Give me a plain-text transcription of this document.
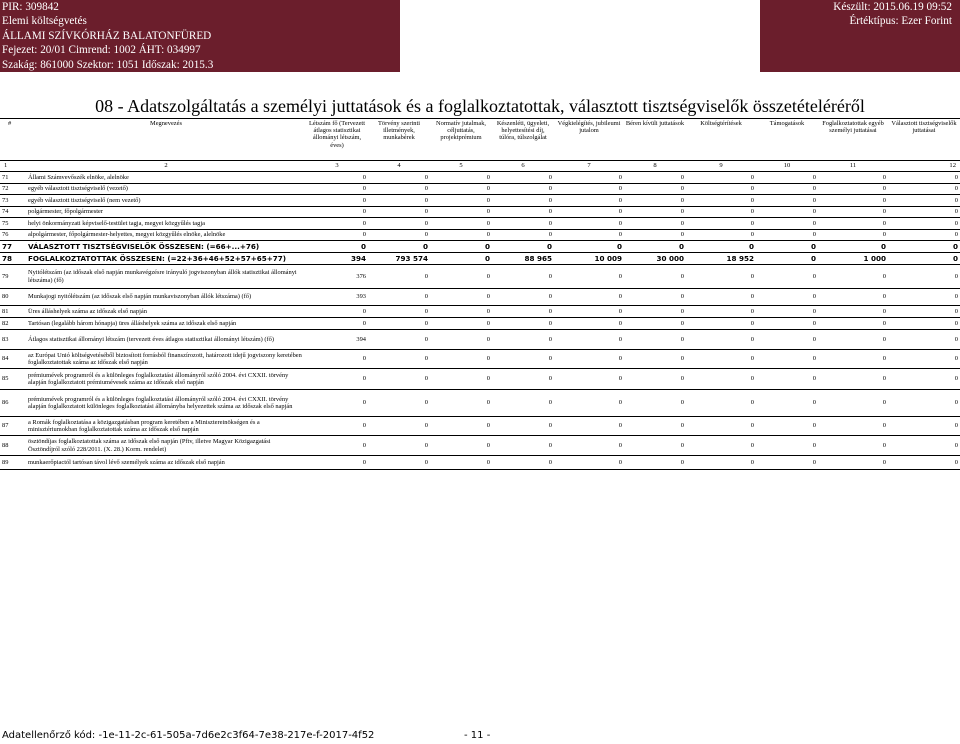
PIR: 309842
Elemi költségvetés
ÁLLAMI SZÍVKÓRHÁZ BALATONFÜRED
Fejezet: 20/01 Cimrend: 1002 ÁHT: 034997
Szakág: 861000 Szektor: 1051 Időszak: 2015.3
Készült: 2015.06.19 09:52
Értéktípus: Ezer Forint
08 - Adatszolgáltatás a személyi juttatások és a foglalkoztatottak, választott tisztségviselők összetételéréről
#	Megnevezés	Létszám fő (Tervezett átlagos statisztikai állományi létszám, éves)	Törvény szerinti illetmények, munkabérek	Normatív jutalmak, céljuttatás, projektprémium	Készenléti, ügyeleti, helyettesítési díj, túlóra, túlszolgálat	Végkielégítés, jubileumi jutalom	Béren kívüli juttatások	Költségtérítések	Támogatások	Foglalkoztatottak egyéb személyi juttatásai	Választott tisztségviselők juttatásai
1	2	3	4	5	6	7	8	9	10	11	12
71	Állami Számvevőszék elnöke, alelnöke	0	0	0	0	0	0	0	0	0	0
72	egyéb választott tisztségviselő (vezető)	0	0	0	0	0	0	0	0	0	0
73	egyéb választott tisztségviselő (nem vezető)	0	0	0	0	0	0	0	0	0	0
74	polgármester, főpolgármester	0	0	0	0	0	0	0	0	0	0
75	helyi önkormányzati képviselő-testület tagja, megyei közgyűlés tagja	0	0	0	0	0	0	0	0	0	0
76	alpolgármester, főpolgármester-helyettes, megyei közgyűlés elnöke, alelnöke	0	0	0	0	0	0	0	0	0	0
77	VÁLASZTOTT TISZTSÉGVISELŐK ÖSSZESEN: (=66+...+76)	0	0	0	0	0	0	0	0	0	0
78	FOGLALKOZTATOTTAK ÖSSZESEN: (=22+36+46+52+57+65+77)	394	793 574	0	88 965	10 009	30 000	18 952	0	1 000	0
79	Nyitólétszám (az időszak első napján munkavégzésre irányuló jogviszonyban állók statisztikai állományi létszáma) (fő)	376	0	0	0	0	0	0	0	0	0
80	Munkajogi nyitólétszám (az időszak első napján munkaviszonyban állók létszáma) (fő)	393	0	0	0	0	0	0	0	0	0
81	Üres álláshelyek száma az időszak első napján	0	0	0	0	0	0	0	0	0	0
82	Tartósan (legalább három hónapja) üres álláshelyek száma az időszak első napján	0	0	0	0	0	0	0	0	0	0
83	Átlagos statisztikai állományi létszám (tervezett éves átlagos statisztikai állományi létszám) (fő)	394	0	0	0	0	0	0	0	0	0
84	az Európai Unió költségvetéséből biztosított forrásból finanszírozott, határozott idejű jogviszony keretében foglalkoztatottak száma az időszak első napján	0	0	0	0	0	0	0	0	0	0
85	prémiumévek programról és a különleges foglalkoztatási állományról szóló 2004. évi CXXII. törvény alapján foglalkoztatott prémiumévesek száma az időszak első napján	0	0	0	0	0	0	0	0	0	0
86	prémiumévek programról és a különleges foglalkoztatási állományról szóló 2004. évi CXXII. törvény alapján foglalkoztatott különleges foglalkoztatási állományba helyezettek száma az időszak első napján	0	0	0	0	0	0	0	0	0	0
87	a Romák foglalkoztatása a közigazgatásban program keretében a Minisztereinökségen és a minisztériumokban foglalkoztatottak száma az időszak első napján	0	0	0	0	0	0	0	0	0	0
88	ösztöndíjas foglalkoztatottak száma az időszak első napján (Pftv, illetve Magyar Közigazgatási Ösztöndíjról szóló 228/2011. (X. 28.) Korm. rendelet)	0	0	0	0	0	0	0	0	0	0
89	munkaerőpiactól tartósan távol lévő személyek száma az időszak első napján	0	0	0	0	0	0	0	0	0	0
Adatellenőrző kód: -1e-11-2c-61-505a-7d6e2c3f64-7e38-217e-f-2017-4f52	- 11 -
